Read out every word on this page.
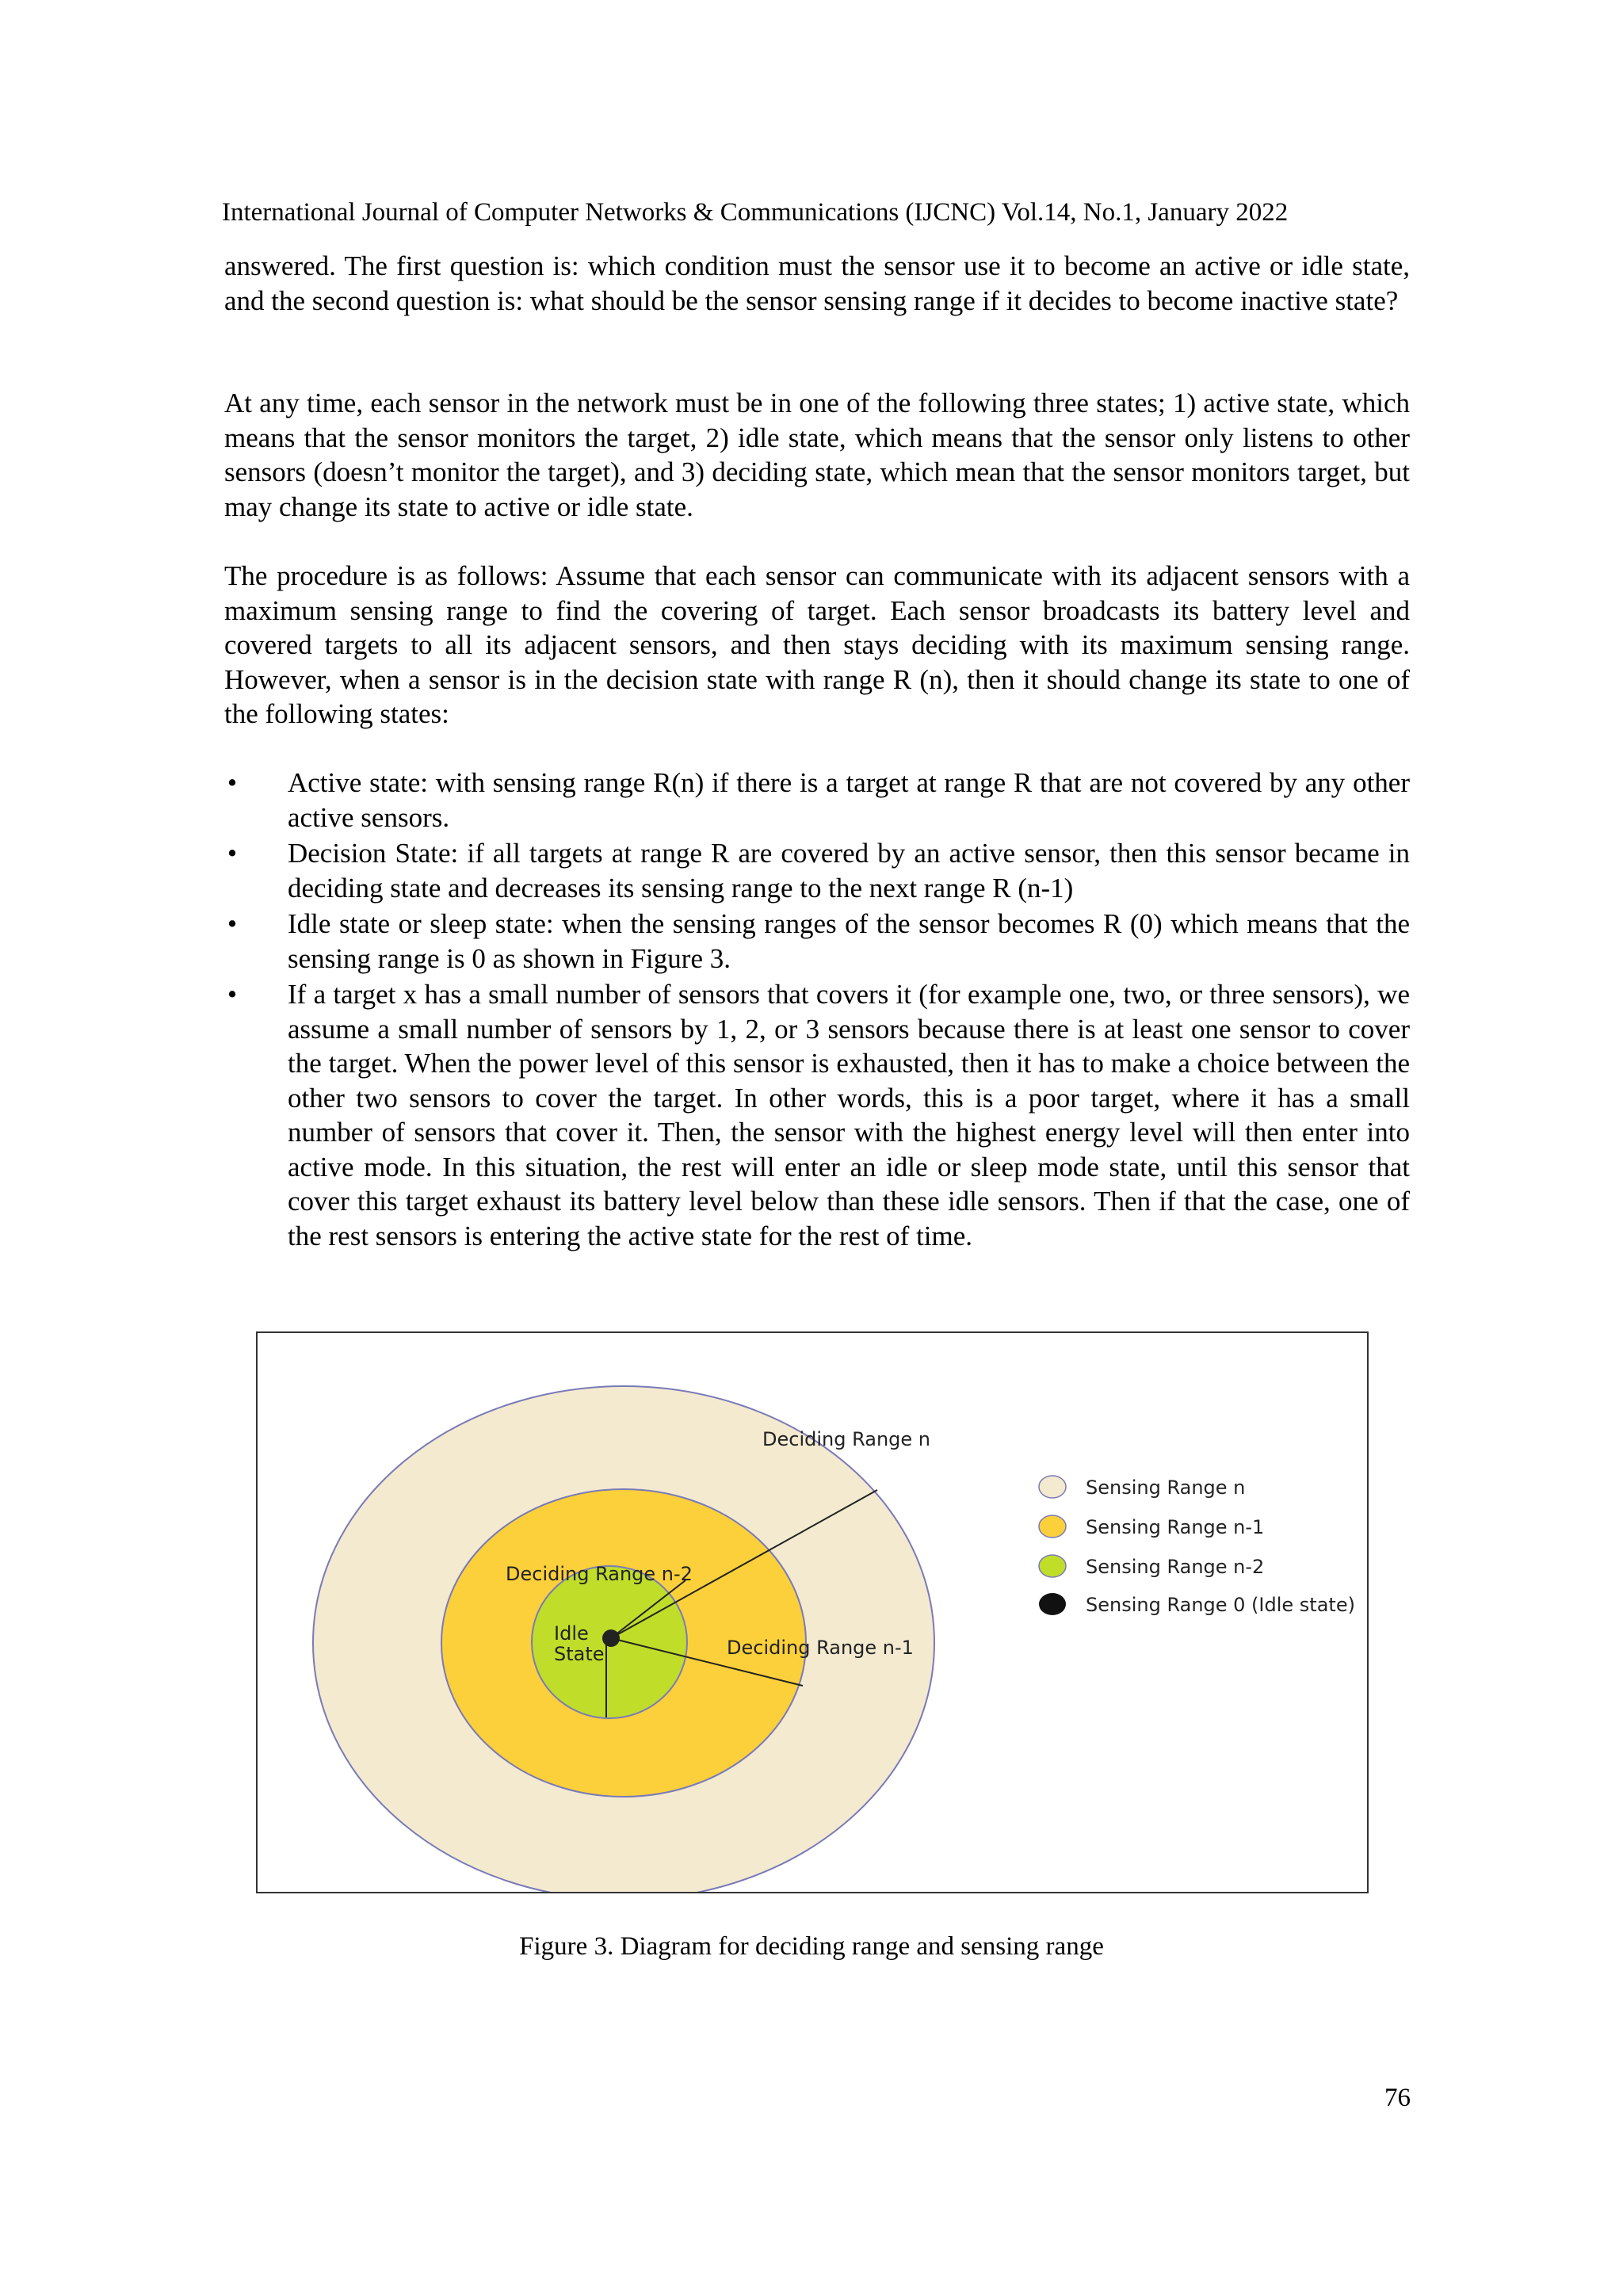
International Journal of Computer Networks & Communications (IJCNC) Vol.14, No.1, January 2022

answered. The first question is: which condition must the sensor use it to become an active or idle state, and the second question is: what should be the sensor sensing range if it decides to become inactive state?

At any time, each sensor in the network must be in one of the following three states; 1) active state, which means that the sensor monitors the target, 2) idle state, which means that the sensor only listens to other sensors (doesn’t monitor the target), and 3) deciding state, which mean that the sensor monitors target, but may change its state to active or idle state.

The procedure is as follows: Assume that each sensor can communicate with its adjacent sensors with a maximum sensing range to find the covering of target. Each sensor broadcasts its battery level and covered targets to all its adjacent sensors, and then stays deciding with its maximum sensing range. However, when a sensor is in the decision state with range R (n), then it should change its state to one of the following states:

• Active state: with sensing range R(n) if there is a target at range R that are not covered by any other active sensors.
• Decision State: if all targets at range R are covered by an active sensor, then this sensor became in deciding state and decreases its sensing range to the next range R (n-1)
• Idle state or sleep state: when the sensing ranges of the sensor becomes R (0) which means that the sensing range is 0 as shown in Figure 3.
• If a target x has a small number of sensors that covers it (for example one, two, or three sensors), we assume a small number of sensors by 1, 2, or 3 sensors because there is at least one sensor to cover the target. When the power level of this sensor is exhausted, then it has to make a choice between the other two sensors to cover the target. In other words, this is a poor target, where it has a small number of sensors that cover it. Then, the sensor with the highest energy level will then enter into active mode. In this situation, the rest will enter an idle or sleep mode state, until this sensor that cover this target exhaust its battery level below than these idle sensors. Then if that the case, one of the rest sensors is entering the active state for the rest of time.
Deciding Range n
Deciding Range n-2
Deciding Range n-1
Idle
State
Sensing Range n
Sensing Range n-1
Sensing Range n-2
Sensing Range 0 (Idle state)
Figure 3. Diagram for deciding range and sensing range
76
